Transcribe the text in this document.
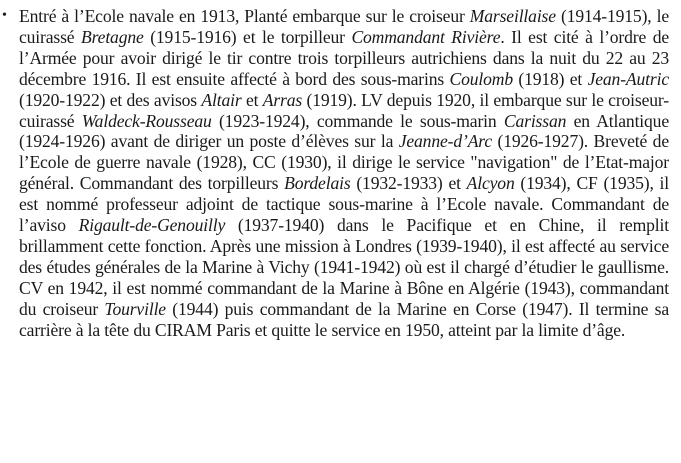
• Entré à l’Ecole navale en 1913, Planté embarque sur le croiseur Marseillaise (1914-1915), le cuirassé Bretagne (1915-1916) et le torpilleur Commandant Rivière. Il est cité à l’ordre de l’Armée pour avoir dirigé le tir contre trois torpilleurs autrichiens dans la nuit du 22 au 23 décembre 1916. Il est ensuite affecté à bord des sous-marins Coulomb (1918) et Jean-Autric (1920-1922) et des avisos Altair et Arras (1919). LV depuis 1920, il embarque sur le croiseur-cuirassé Waldeck-Rousseau (1923-1924), commande le sous-marin Carissan en Atlantique (1924-1926) avant de diriger un poste d’élèves sur la Jeanne-d’Arc (1926-1927). Breveté de l’Ecole de guerre navale (1928), CC (1930), il dirige le service "navigation" de l’Etat-major général. Commandant des torpilleurs Bordelais (1932-1933) et Alcyon (1934), CF (1935), il est nommé professeur adjoint de tactique sous-marine à l’Ecole navale. Commandant de l’aviso Rigault-de-Genouilly (1937-1940) dans le Pacifique et en Chine, il remplit brillamment cette fonction. Après une mission à Londres (1939-1940), il est affecté au service des études générales de la Marine à Vichy (1941-1942) où est il chargé d’étudier le gaullisme. CV en 1942, il est nommé commandant de la Marine à Bône en Algérie (1943), commandant du croiseur Tourville (1944) puis commandant de la Marine en Corse (1947). Il termine sa carrière à la tête du CIRAM Paris et quitte le service en 1950, atteint par la limite d’âge.
